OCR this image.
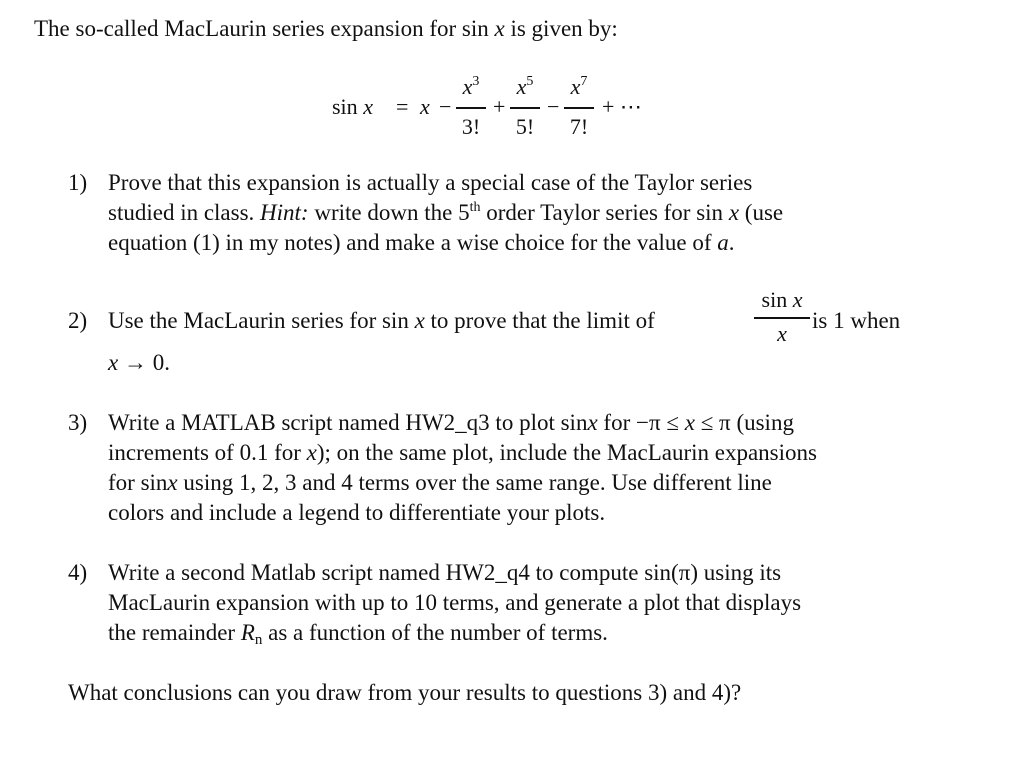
The so-called MacLaurin series expansion for sin x is given by:
sin x = x −
$x^3$
3!
+
$x^5$
5!
−
$x^7$
7!
+ ⋯
1) Prove that this expansion is actually a special case of the Taylor series
studied in class. Hint: write down the 5th order Taylor series for sin x (use
equation (1) in my notes) and make a wise choice for the value of a.
2) Use the MacLaurin series for sin x to prove that the limit of
sin x
x
is 1 when
x → 0.
3) Write a MATLAB script named HW2_q3 to plot sinx for −π ≤ x ≤ π (using
increments of 0.1 for x); on the same plot, include the MacLaurin expansions
for sinx using 1, 2, 3 and 4 terms over the same range. Use different line
colors and include a legend to differentiate your plots.
4) Write a second Matlab script named HW2_q4 to compute sin(π) using its
MacLaurin expansion with up to 10 terms, and generate a plot that displays
the remainder $R_n$ as a function of the number of terms.
What conclusions can you draw from your results to questions 3) and 4)?
